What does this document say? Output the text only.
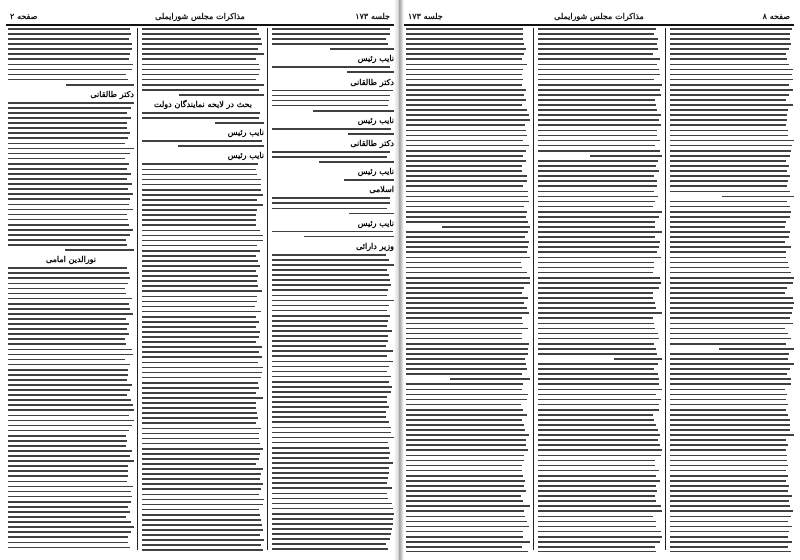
جلسه ۱۷۳
مذاکرات مجلس شورایملی
صفحه ۲
نایب رئیس
دکتر طالقانی
نایب رئیس
دکتر طالقانی
نایب رئیس
اسلامی
نایب رئیس
وزیر دارائی
بحث در لایحه نمایندگان دولت
نایب رئیس
نایب رئیس
دکتر طالقانی
نورالدین امامی
جلسه ۱۷۳	مذاکرات مجلس شورایملی	صفحه ۸
